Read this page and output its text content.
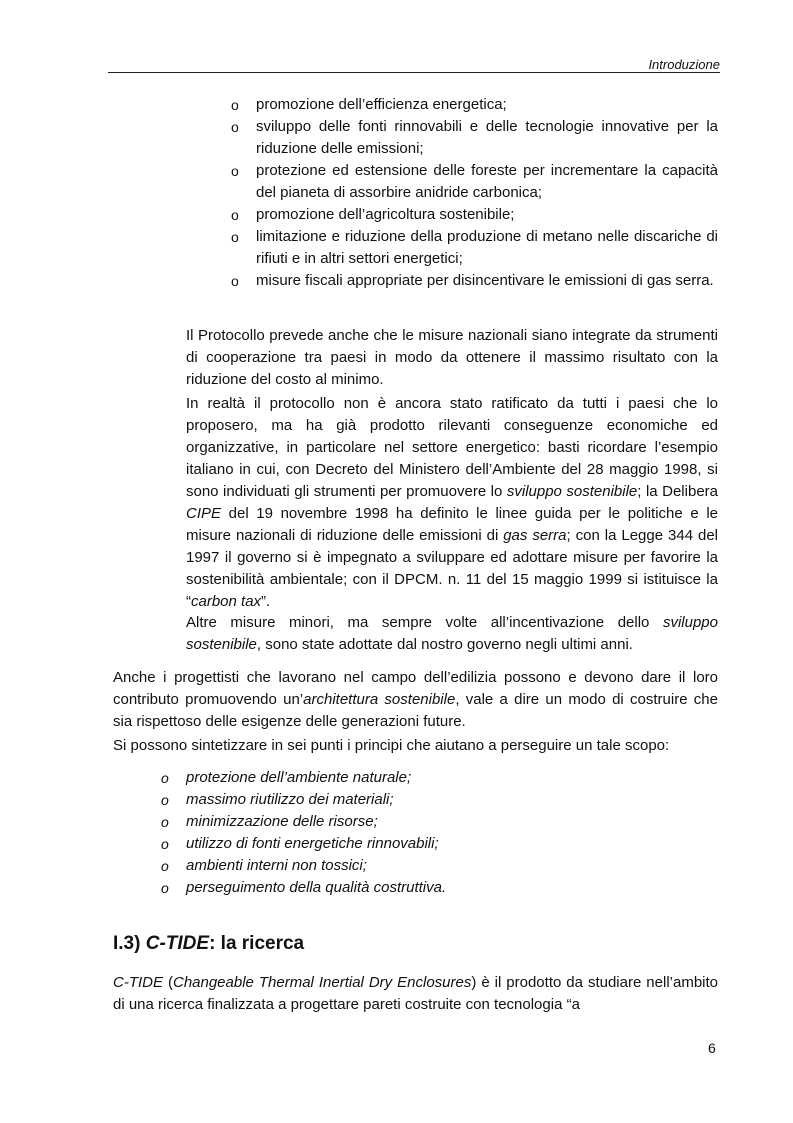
Introduzione
o promozione dell’efficienza energetica;
o sviluppo delle fonti rinnovabili e delle tecnologie innovative per la riduzione delle emissioni;
o protezione ed estensione delle foreste per incrementare la capacità del pianeta di assorbire anidride carbonica;
o promozione dell’agricoltura sostenibile;
o limitazione e riduzione della produzione di metano nelle discariche di rifiuti e in altri settori energetici;
o misure fiscali appropriate per disincentivare le emissioni di gas serra.

Il Protocollo prevede anche che le misure nazionali siano integrate da strumenti di cooperazione tra paesi in modo da ottenere il massimo risultato con la riduzione del costo al minimo.

In realtà il protocollo non è ancora stato ratificato da tutti i paesi che lo proposero, ma ha già prodotto rilevanti conseguenze economiche ed organizzative, in particolare nel settore energetico: basti ricordare l’esempio italiano in cui, con Decreto del Ministero dell’Ambiente del 28 maggio 1998, si sono individuati gli strumenti per promuovere lo sviluppo sostenibile; la Delibera CIPE del 19 novembre 1998 ha definito le linee guida per le politiche e le misure nazionali di riduzione delle emissioni di gas serra; con la Legge 344 del 1997 il governo si è impegnato a sviluppare ed adottare misure per favorire la sostenibilità ambientale; con il DPCM. n. 11 del 15 maggio 1999 si istituisce la “carbon tax”.

Altre misure minori, ma sempre volte all’incentivazione dello sviluppo sostenibile, sono state adottate dal nostro governo negli ultimi anni.

Anche i progettisti che lavorano nel campo dell’edilizia possono e devono dare il loro contributo promuovendo un’architettura sostenibile, vale a dire un modo di costruire che sia rispettoso delle esigenze delle generazioni future.

Si possono sintetizzare in sei punti i principi che aiutano a perseguire un tale scopo:

o protezione dell’ambiente naturale;
o massimo riutilizzo dei materiali;
o minimizzazione delle risorse;
o utilizzo di fonti energetiche rinnovabili;
o ambienti interni non tossici;
o perseguimento della qualità costruttiva.
I.3) C-TIDE: la ricerca

C-TIDE (Changeable Thermal Inertial Dry Enclosures) è il prodotto da studiare nell’ambito di una ricerca finalizzata a progettare pareti costruite con tecnologia “a

6
